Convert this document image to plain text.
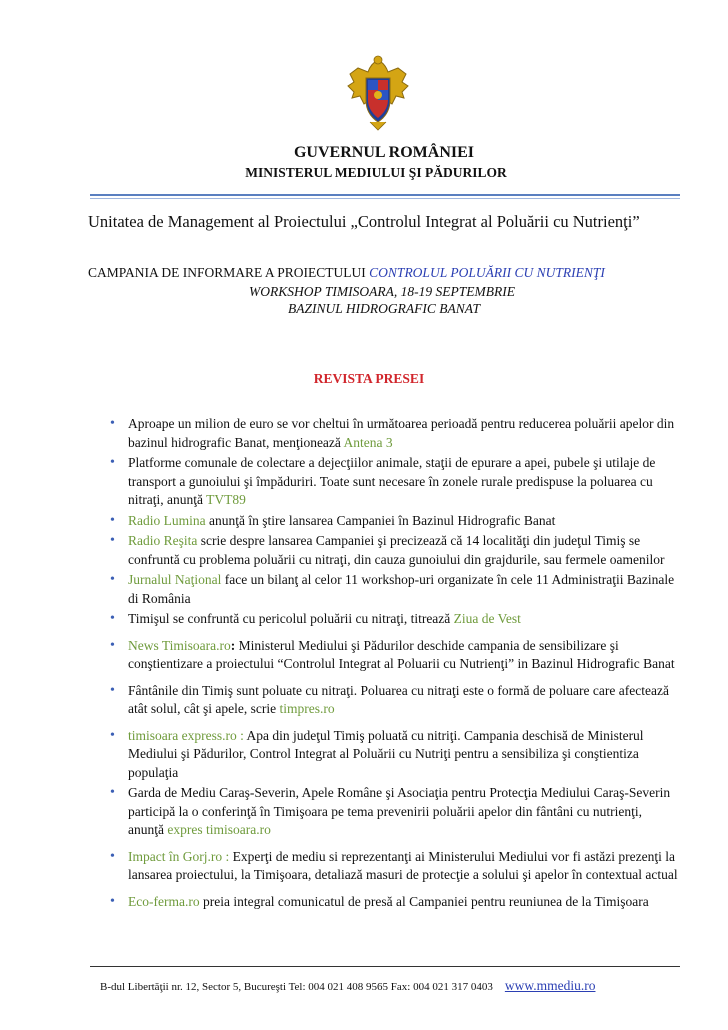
GUVERNUL ROMÂNIEI
MINISTERUL MEDIULUI ŞI PĂDURILOR
Unitatea de Management al Proiectului „Controlul Integrat al Poluării cu Nutrienţi”
CAMPANIA DE INFORMARE A PROIECTULUI CONTROLUL POLUĂRII CU NUTRIENŢI
WORKSHOP TIMISOARA, 18-19 SEPTEMBRIE
BAZINUL HIDROGRAFIC BANAT
REVISTA PRESEI
• Aproape un milion de euro se vor cheltui în următoarea perioadă pentru reducerea poluării apelor din bazinul hidrografic Banat, menţionează Antena 3
• Platforme comunale de colectare a dejecţiilor animale, staţii de epurare a apei, pubele şi utilaje de transport a gunoiului şi împăduriri. Toate sunt necesare în zonele rurale predispuse la poluarea cu nitraţi, anunţă TVT89
• Radio Lumina anunţă în ştire lansarea Campaniei în Bazinul Hidrografic Banat
• Radio Reşita scrie despre lansarea Campaniei şi precizează că 14 localităţi din judeţul Timiş se confruntă cu problema poluării cu nitraţi, din cauza gunoiului din grajdurile, sau fermele oamenilor
• Jurnalul Naţional face un bilanţ al celor 11 workshop-uri organizate în cele 11 Administraţii Bazinale di România
• Timişul se confruntă cu pericolul poluării cu nitraţi, titrează Ziua de Vest
• News Timisoara.ro: Ministerul Mediului şi Pădurilor deschide campania de sensibilizare şi conştientizare a proiectului “Controlul Integrat al Poluarii cu Nutrienţi” in Bazinul Hidrografic Banat
• Fântânile din Timiş sunt poluate cu nitraţi. Poluarea cu nitraţi este o formă de poluare care afectează atât solul, cât şi apele, scrie timpres.ro
• timisoara express.ro : Apa din judeţul Timiş poluată cu nitriţi. Campania deschisă de Ministerul Mediului şi Pădurilor, Control Integrat al Poluării cu Nutriţi pentru a sensibiliza şi conştientiza populaţia
• Garda de Mediu Caraş-Severin, Apele Române şi Asociaţia pentru Protecţia Mediului Caraş-Severin participă la o conferinţă în Timişoara pe tema prevenirii poluării apelor din fântâni cu nutrienţi, anunţă expres timisoara.ro
• Impact în Gorj.ro : Experţi de mediu si reprezentanţi ai Ministerului Mediului vor fi astăzi prezenţi la lansarea proiectului, la Timişoara, detaliază masuri de protecţie a solului şi apelor în contextual actual
• Eco-ferma.ro preia integral comunicatul de presă al Campaniei pentru reuniunea de la Timişoara
B-dul Libertăţii nr. 12, Sector 5, Bucureşti Tel: 004 021 408 9565 Fax: 004 021 317 0403 www.mmediu.ro
